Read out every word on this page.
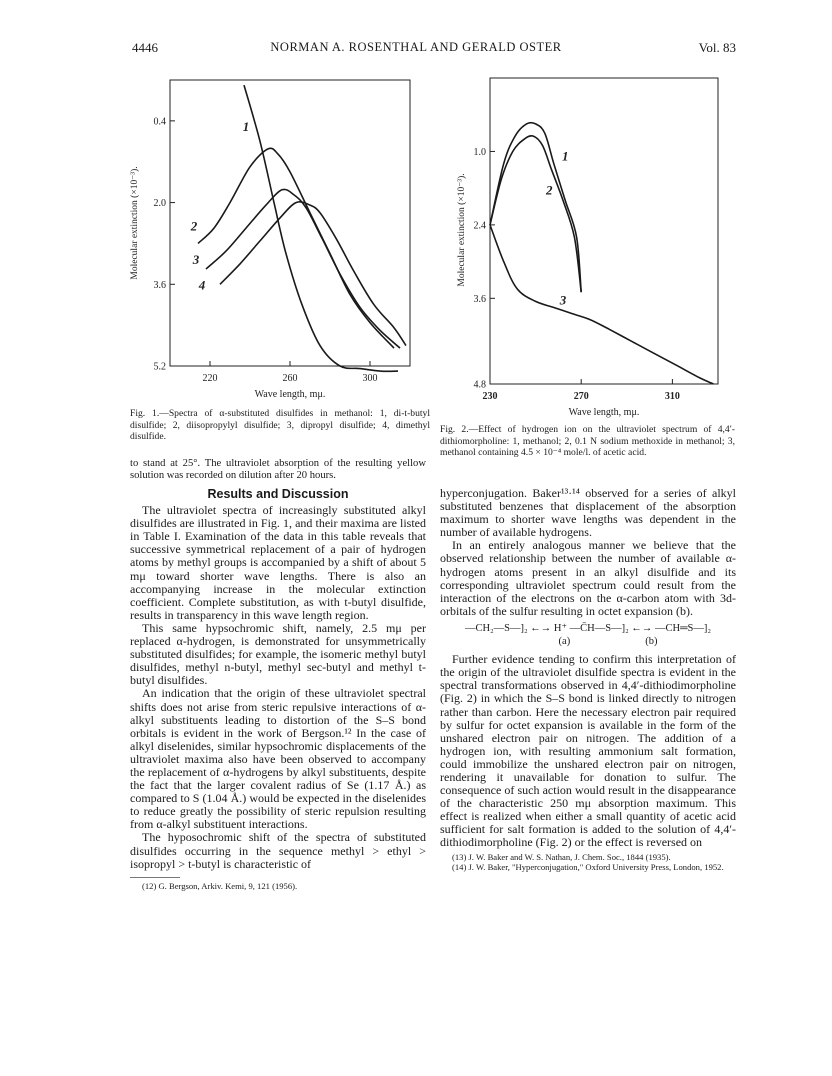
4446	NORMAN A. ROSENTHAL AND GERALD OSTER	Vol. 83
Molecular extinction (×10⁻³).
Wave length, mμ.
5.2
3.6
2.0
0.4
220	260	300
1
2
3
4
Fig. 1.—Spectra of α-substituted disulfides in methanol: 1, di-t-butyl disulfide; 2, diisopropylyl disulfide; 3, dipropyl disulfide; 4, dimethyl disulfide.
Molecular extinction (×10⁻³).
Wave length, mμ.
4.8
3.6
2.4
1.0
230	270	310
1
2
3
Fig. 2.—Effect of hydrogen ion on the ultraviolet spectrum of 4,4′-dithiomorpholine: 1, methanol; 2, 0.1 N sodium methoxide in methanol; 3, methanol containing 4.5 × 10⁻⁴ mole/l. of acetic acid.

to stand at 25°. The ultraviolet absorption of the resulting yellow solution was recorded on dilution after 20 hours.

Results and Discussion

The ultraviolet spectra of increasingly substituted alkyl disulfides are illustrated in Fig. 1, and their maxima are listed in Table I. Examination of the data in this table reveals that successive symmetrical replacement of a pair of hydrogen atoms by methyl groups is accompanied by a shift of about 5 mμ toward shorter wave lengths. There is also an accompanying increase in the molecular extinction coefficient. Complete substitution, as with t-butyl disulfide, results in transparency in this wave length region.

This same hypsochromic shift, namely, 2.5 mμ per replaced α-hydrogen, is demonstrated for unsymmetrically substituted disulfides; for example, the isomeric methyl butyl disulfides, methyl n-butyl, methyl sec-butyl and methyl t-butyl disulfides.

An indication that the origin of these ultraviolet spectral shifts does not arise from steric repulsive interactions of α-alkyl substituents leading to distortion of the S–S bond orbitals is evident in the work of Bergson.¹² In the case of alkyl diselenides, similar hypsochromic displacements of the ultraviolet maxima also have been observed to accompany the replacement of α-hydrogens by alkyl substituents, despite the fact that the larger covalent radius of Se (1.17 Å.) as compared to S (1.04 Å.) would be expected in the diselenides to reduce greatly the possibility of steric repulsion resulting from α-alkyl substituent interactions.

The hyposochromic shift of the spectra of substituted disulfides occurring in the sequence methyl > ethyl > isopropyl > t-butyl is characteristic of

(12) G. Bergson, Arkiv. Kemi, 9, 121 (1956).

hyperconjugation. Baker¹³·¹⁴ observed for a series of alkyl substituted benzenes that displacement of the absorption maximum to shorter wave lengths was dependent in the number of available hydrogens.

In an entirely analogous manner we believe that the observed relationship between the number of available α-hydrogen atoms present in an alkyl disulfide and its corresponding ultraviolet spectrum could result from the interaction of the electrons on the α-carbon atom with 3d-orbitals of the sulfur resulting in octet expansion (b).

—CH₂—S—]₂ ←→ H⁺ —C̄H—S—]₂ ←→ —CH═S—]₂
(a)	(b)

Further evidence tending to confirm this interpretation of the origin of the ultraviolet disulfide spectra is evident in the spectral transformations observed in 4,4′-dithiodimorpholine (Fig. 2) in which the S–S bond is linked directly to nitrogen rather than carbon. Here the necessary electron pair required by sulfur for octet expansion is available in the form of the unshared electron pair on nitrogen. The addition of a hydrogen ion, with resulting ammonium salt formation, could immobilize the unshared electron pair on nitrogen, rendering it unavailable for donation to sulfur. The consequence of such action would result in the disappearance of the characteristic 250 mμ absorption maximum. This effect is realized when either a small quantity of acetic acid sufficient for salt formation is added to the solution of 4,4′-dithiodimorpholine (Fig. 2) or the effect is reversed on

(13) J. W. Baker and W. S. Nathan, J. Chem. Soc., 1844 (1935).

(14) J. W. Baker, "Hyperconjugation," Oxford University Press, London, 1952.
